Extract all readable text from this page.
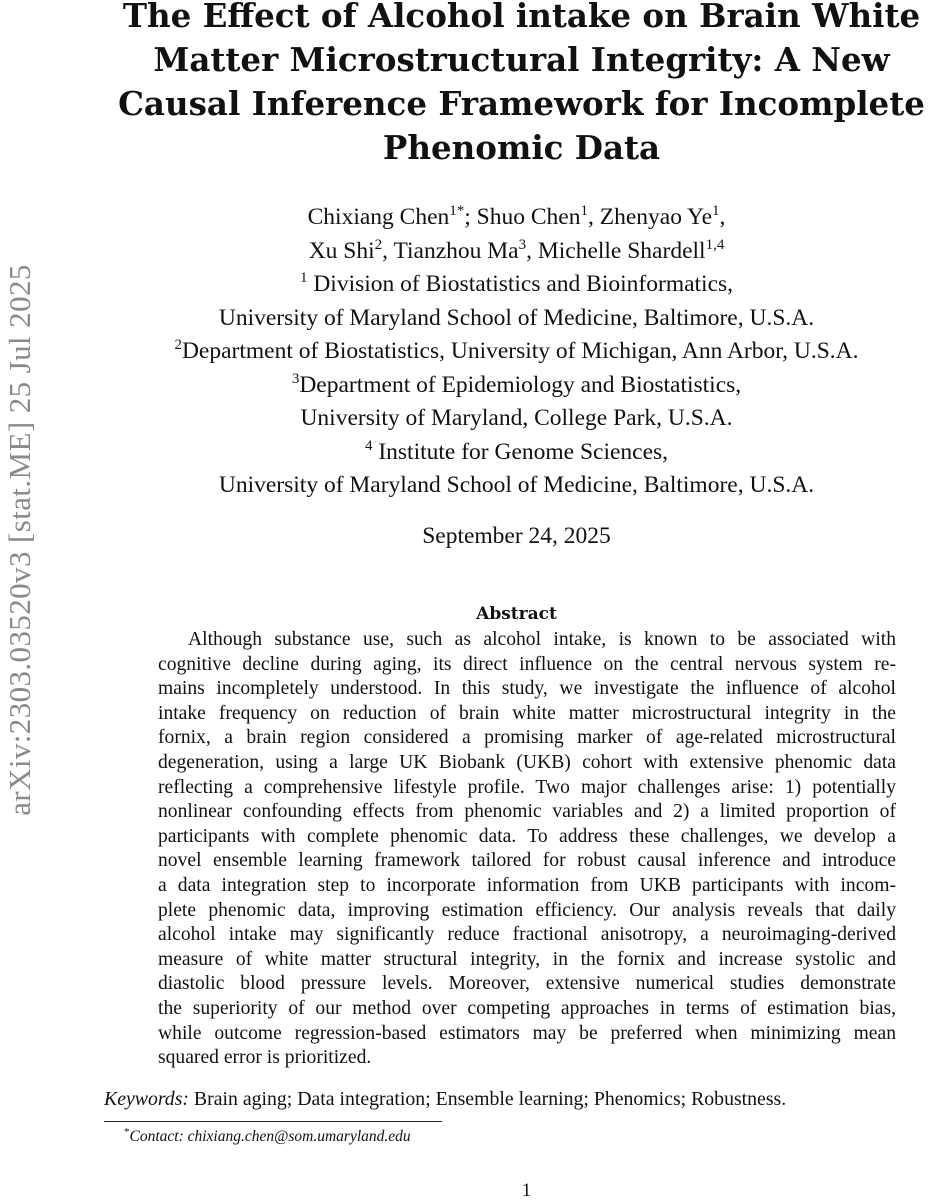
arXiv:2303.03520v3 [stat.ME] 25 Jul 2025
The Effect of Alcohol intake on Brain White
Matter Microstructural Integrity: A New
Causal Inference Framework for Incomplete
Phenomic Data
Chixiang Chen$^{1*}$; Shuo Chen$^1$, Zhenyao Ye$^1$,
Xu Shi$^2$, Tianzhou Ma$^3$, Michelle Shardell$^{1,4}$
$^1$ Division of Biostatistics and Bioinformatics,
University of Maryland School of Medicine, Baltimore, U.S.A.
$^2$Department of Biostatistics, University of Michigan, Ann Arbor, U.S.A.
$^3$Department of Epidemiology and Biostatistics,
University of Maryland, College Park, U.S.A.
$^4$ Institute for Genome Sciences,
University of Maryland School of Medicine, Baltimore, U.S.A.
September 24, 2025
Abstract
Although substance use, such as alcohol intake, is known to be associated with
cognitive decline during aging, its direct influence on the central nervous system re-
mains incompletely understood. In this study, we investigate the influence of alcohol
intake frequency on reduction of brain white matter microstructural integrity in the
fornix, a brain region considered a promising marker of age-related microstructural
degeneration, using a large UK Biobank (UKB) cohort with extensive phenomic data
reflecting a comprehensive lifestyle profile. Two major challenges arise: 1) potentially
nonlinear confounding effects from phenomic variables and 2) a limited proportion of
participants with complete phenomic data. To address these challenges, we develop a
novel ensemble learning framework tailored for robust causal inference and introduce
a data integration step to incorporate information from UKB participants with incom-
plete phenomic data, improving estimation efficiency. Our analysis reveals that daily
alcohol intake may significantly reduce fractional anisotropy, a neuroimaging-derived
measure of white matter structural integrity, in the fornix and increase systolic and
diastolic blood pressure levels. Moreover, extensive numerical studies demonstrate
the superiority of our method over competing approaches in terms of estimation bias,
while outcome regression-based estimators may be preferred when minimizing mean
squared error is prioritized.
Keywords: Brain aging; Data integration; Ensemble learning; Phenomics; Robustness.
*Contact: chixiang.chen@som.umaryland.edu
1
